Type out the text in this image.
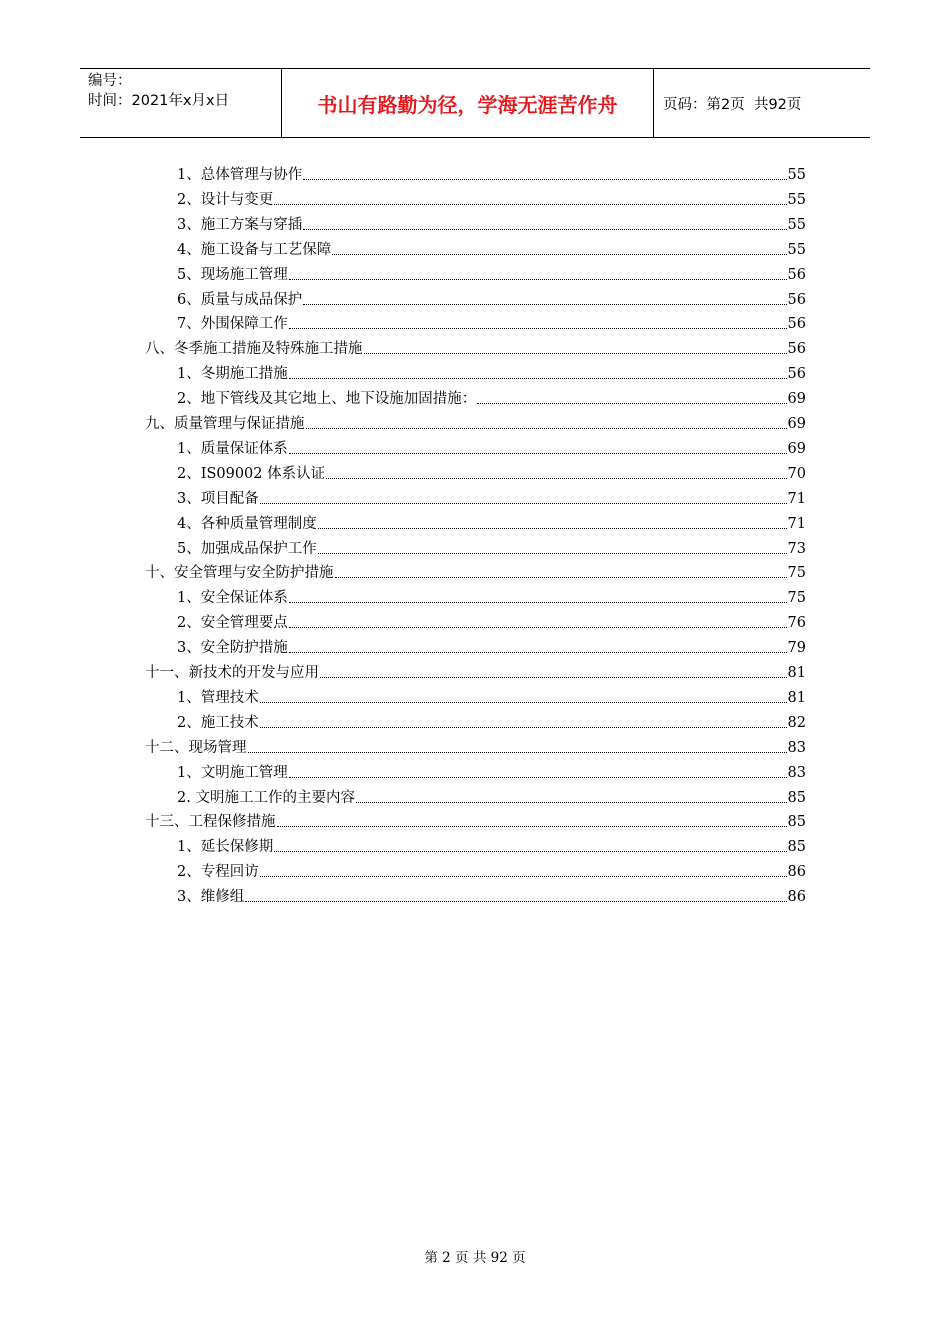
编号：
时间：2021年x月x日	书山有路勤为径，学海无涯苦作舟	页码：第2页  共92页
1、总体管理与协作	55
2、设计与变更	55
3、施工方案与穿插	55
4、施工设备与工艺保障	55
5、现场施工管理	56
6、质量与成品保护	56
7、外围保障工作	56
八、冬季施工措施及特殊施工措施	56
1、冬期施工措施	56
2、地下管线及其它地上、地下设施加固措施：	69
九、质量管理与保证措施	69
1、质量保证体系	69
2、IS09002 体系认证	70
3、项目配备	71
4、各种质量管理制度	71
5、加强成品保护工作	73
十、安全管理与安全防护措施	75
1、安全保证体系	75
2、安全管理要点	76
3、安全防护措施	79
十一、新技术的开发与应用	81
1、管理技术	81
2、施工技术	82
十二、现场管理	83
1、文明施工管理	83
2. 文明施工工作的主要内容	85
十三、工程保修措施	85
1、延长保修期	85
2、专程回访	86
3、维修组	86
第 2 页 共 92 页
